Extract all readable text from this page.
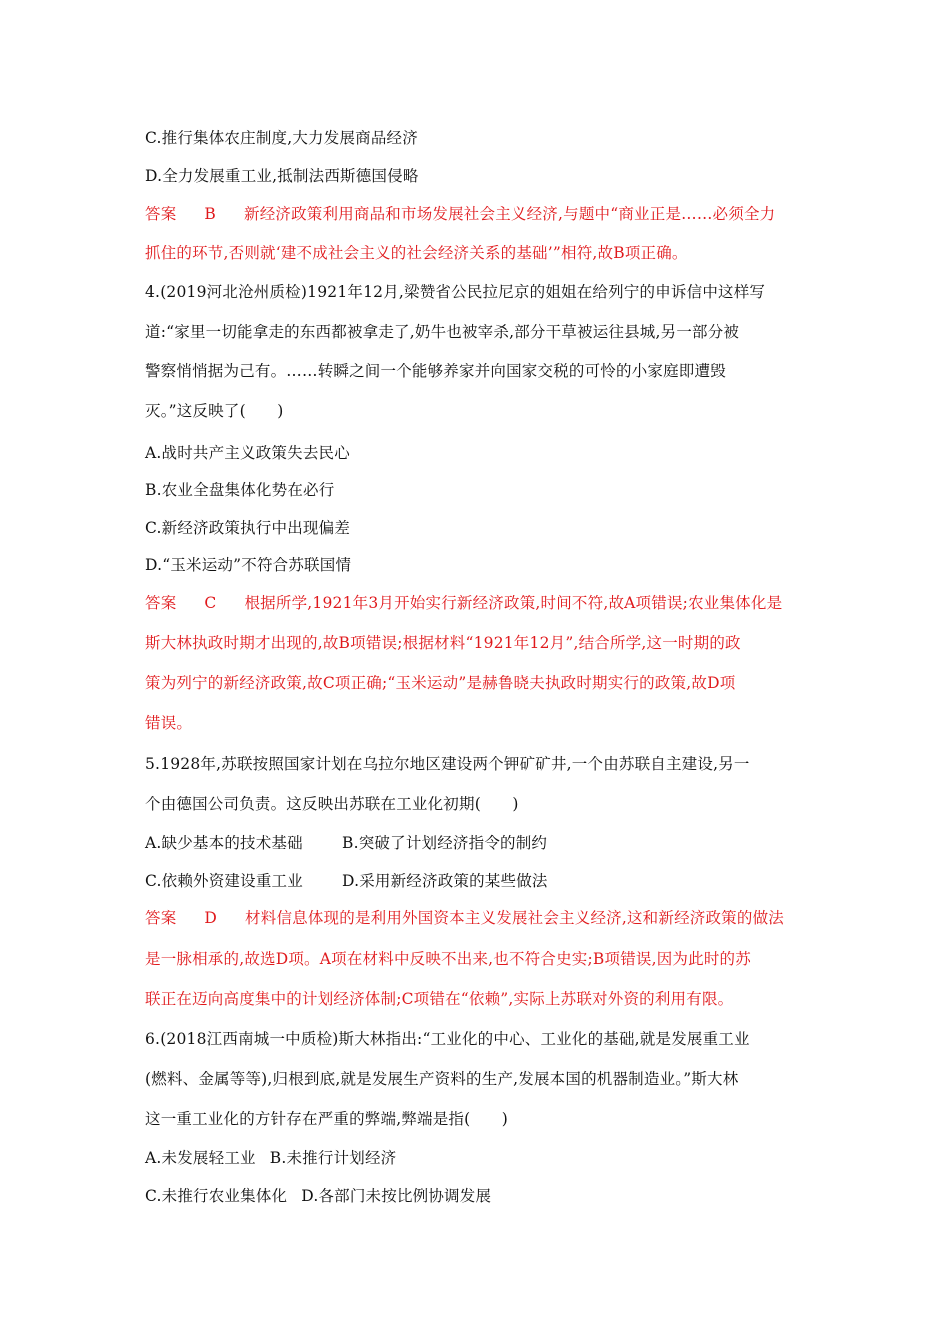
C.推行集体农庄制度,大力发展商品经济
D.全力发展重工业,抵制法西斯德国侵略
答案 B 新经济政策利用商品和市场发展社会主义经济,与题中“商业正是……必须全力
抓住的环节,否则就‘建不成社会主义的社会经济关系的基础’”相符,故B项正确。
4.(2019河北沧州质检)1921年12月,梁赞省公民拉尼京的姐姐在给列宁的申诉信中这样写
道:“家里一切能拿走的东西都被拿走了,奶牛也被宰杀,部分干草被运往县城,另一部分被
警察悄悄据为己有。……转瞬之间一个能够养家并向国家交税的可怜的小家庭即遭毁
灭。”这反映了(　　)
A.战时共产主义政策失去民心
B.农业全盘集体化势在必行
C.新经济政策执行中出现偏差
D.“玉米运动”不符合苏联国情
答案 C 根据所学,1921年3月开始实行新经济政策,时间不符,故A项错误;农业集体化是
斯大林执政时期才出现的,故B项错误;根据材料“1921年12月”,结合所学,这一时期的政
策为列宁的新经济政策,故C项正确;“玉米运动”是赫鲁晓夫执政时期实行的政策,故D项
错误。
5.1928年,苏联按照国家计划在乌拉尔地区建设两个钾矿矿井,一个由苏联自主建设,另一
个由德国公司负责。这反映出苏联在工业化初期(　　)
A.缺少基本的技术基础	B.突破了计划经济指令的制约
C.依赖外资建设重工业	D.采用新经济政策的某些做法
答案 D 材料信息体现的是利用外国资本主义发展社会主义经济,这和新经济政策的做法
是一脉相承的,故选D项。A项在材料中反映不出来,也不符合史实;B项错误,因为此时的苏
联正在迈向高度集中的计划经济体制;C项错在“依赖”,实际上苏联对外资的利用有限。
6.(2018江西南城一中质检)斯大林指出:“工业化的中心、工业化的基础,就是发展重工业
(燃料、金属等等),归根到底,就是发展生产资料的生产,发展本国的机器制造业。”斯大林
这一重工业化的方针存在严重的弊端,弊端是指(　　)
A.未发展轻工业 B.未推行计划经济
C.未推行农业集体化 D.各部门未按比例协调发展
